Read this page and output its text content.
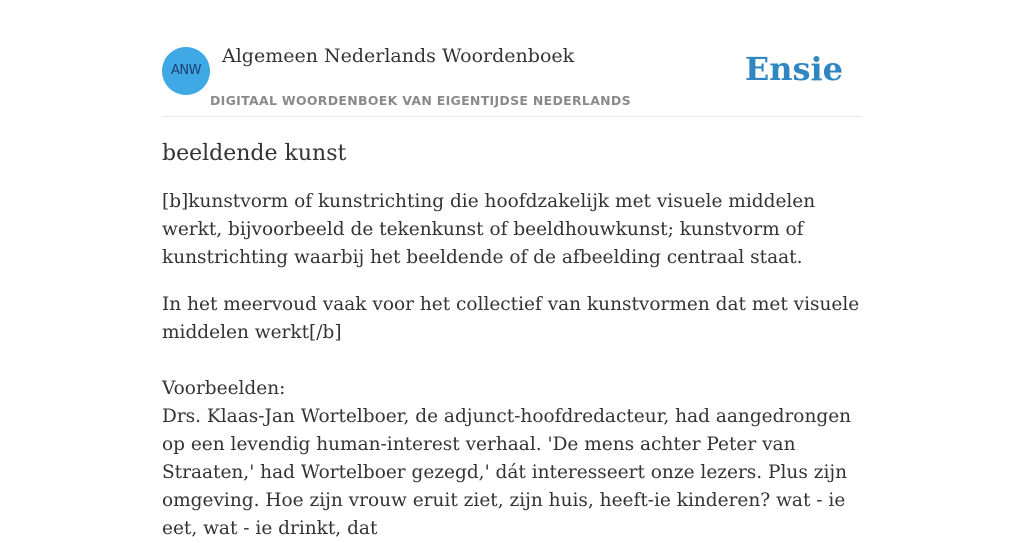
ANW
Algemeen Nederlands Woordenboek
DIGITAAL WOORDENBOEK VAN EIGENTIJDSE NEDERLANDS
Ensie
beeldende kunst

[b]kunstvorm of kunstrichting die hoofdzakelijk met visuele middelen werkt, bijvoorbeeld de tekenkunst of beeldhouwkunst; kunstvorm of kunstrichting waarbij het beeldende of de afbeelding centraal staat.

In het meervoud vaak voor het collectief van kunstvormen dat met visuele middelen werkt[/b]

Voorbeelden:

Drs. Klaas-Jan Wortelboer, de adjunct-hoofdredacteur, had aangedrongen op een levendig human-interest verhaal. 'De mens achter Peter van Straaten,' had Wortelboer gezegd,' dát interesseert onze lezers. Plus zijn omgeving. Hoe zijn vrouw eruit ziet, zijn huis, heeft-ie kinderen? wat - ie eet, wat - ie drinkt, dat
